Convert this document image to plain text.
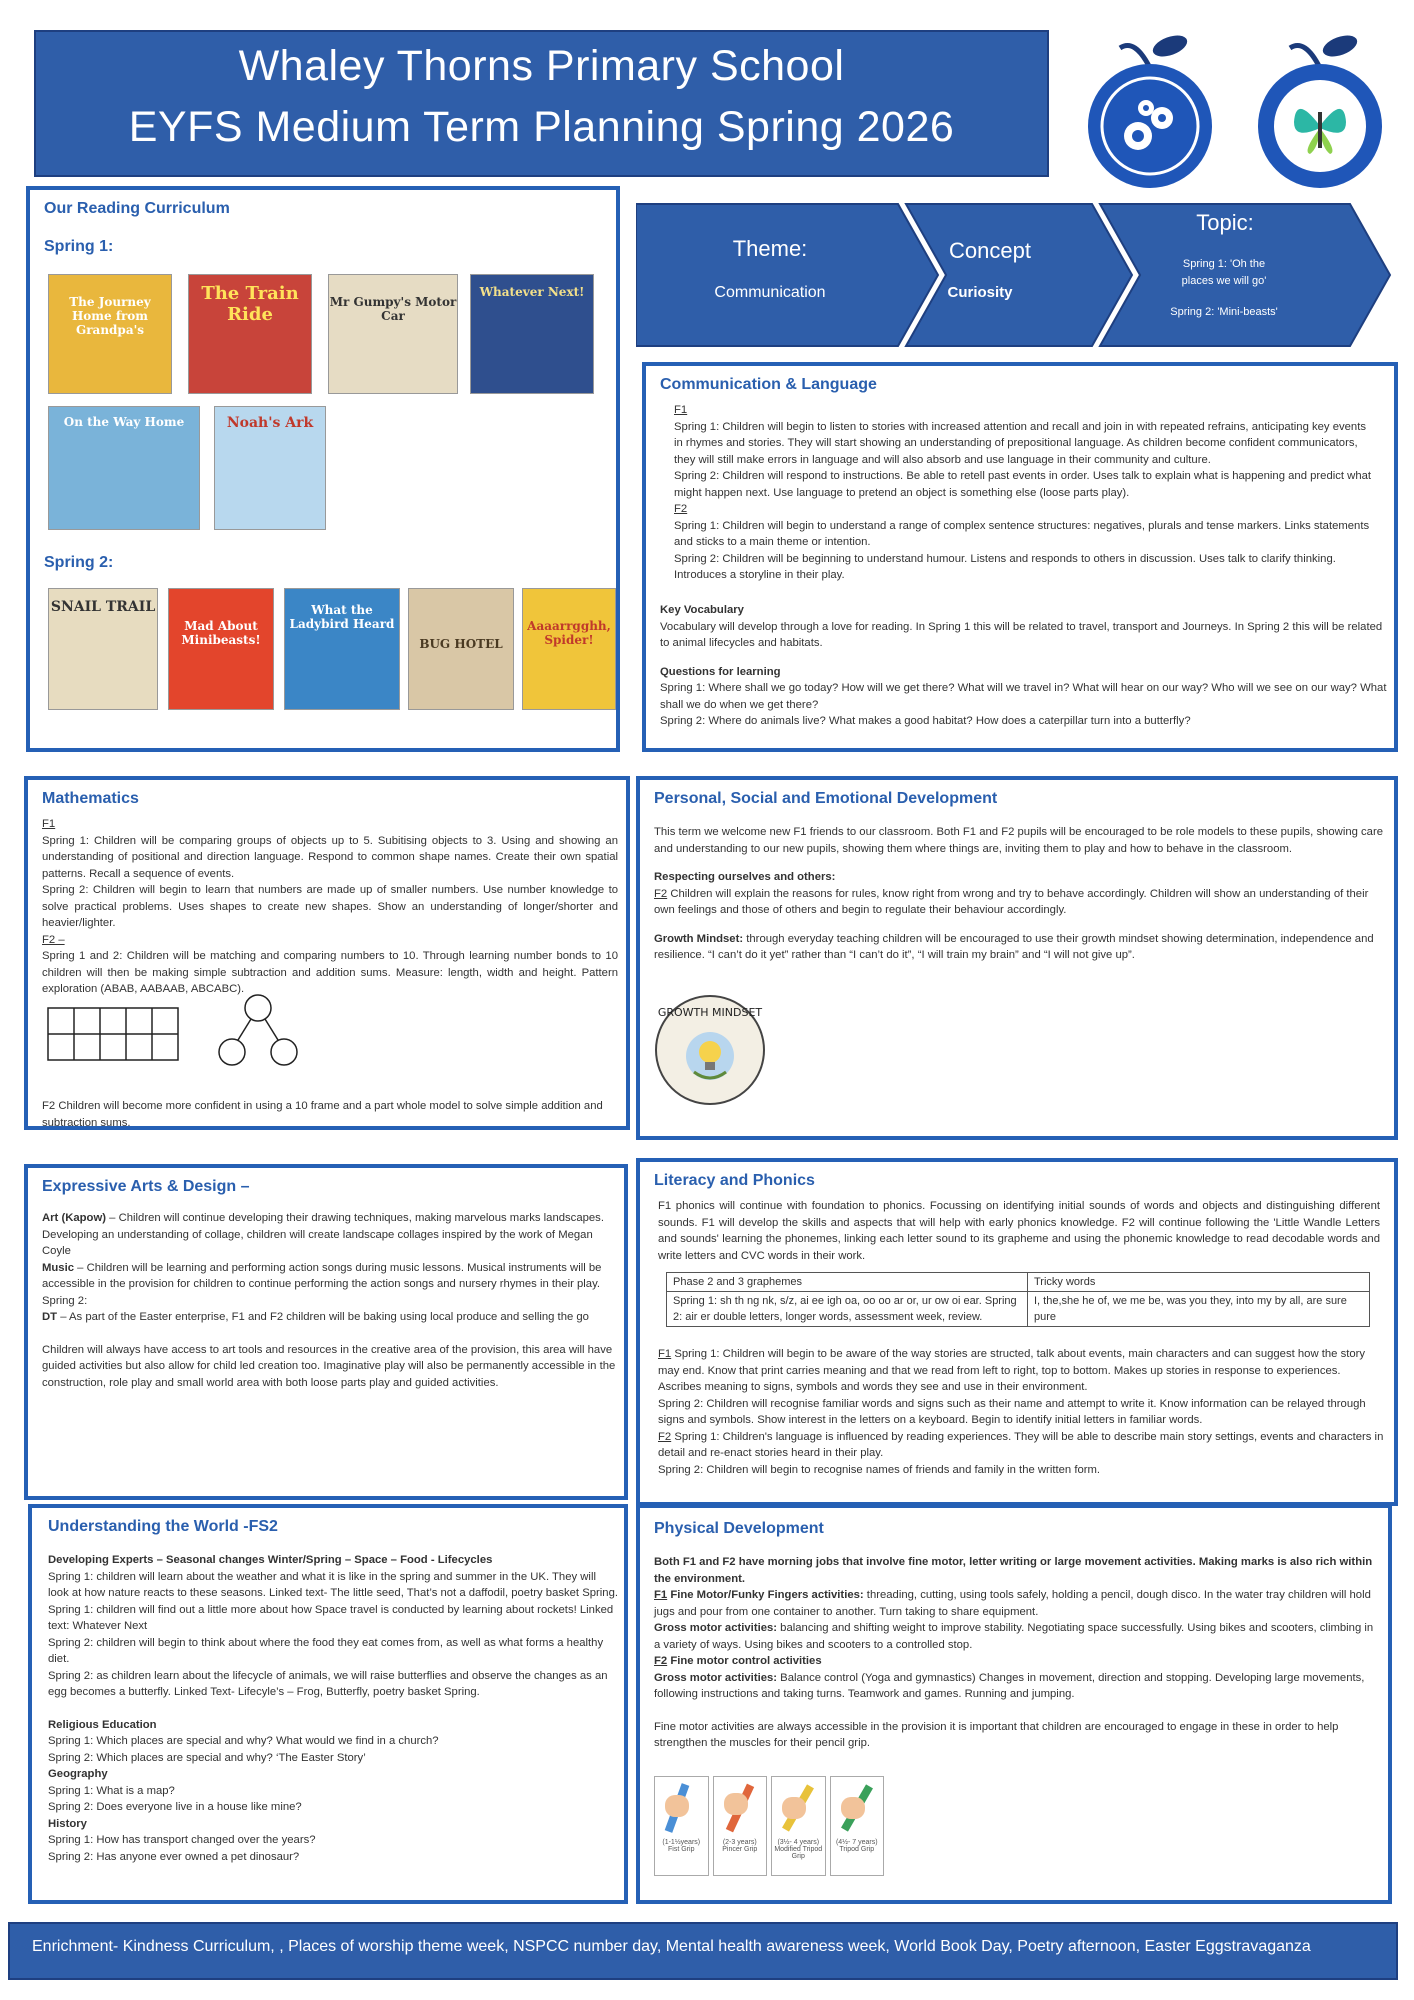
Whaley Thorns Primary School
EYFS Medium Term Planning Spring 2026
Our Reading Curriculum
Spring 1:
The Journey Home from Grandpa's
The Train Ride
Mr Gumpy's Motor Car
Whatever Next!
On the Way Home	Noah's Ark
Spring 2:
SNAIL TRAIL
Mad About Minibeasts!
What the Ladybird Heard
BUG HOTEL
Aaaarrgghh, Spider!
Theme:
Communication
Concept
Curiosity
Topic:
Spring 1: 'Oh the places we will go'
Spring 2: 'Mini-beasts'
Communication & Language

F1

Spring 1: Children will begin to listen to stories with increased attention and recall and join in with repeated refrains, anticipating key events in rhymes and stories. They will start showing an understanding of prepositional language. As children become confident communicators, they will still make errors in language and will also absorb and use language in their community and culture.

Spring 2: Children will respond to instructions. Be able to retell past events in order. Uses talk to explain what is happening and predict what might happen next. Use language to pretend an object is something else (loose parts play).

F2

Spring 1: Children will begin to understand a range of complex sentence structures: negatives, plurals and tense markers. Links statements and sticks to a main theme or intention.

Spring 2: Children will be beginning to understand humour. Listens and responds to others in discussion. Uses talk to clarify thinking. Introduces a storyline in their play.

Key Vocabulary

Vocabulary will develop through a love for reading. In Spring 1 this will be related to travel, transport and Journeys. In Spring 2 this will be related to animal lifecycles and habitats.

Questions for learning

Spring 1: Where shall we go today? How will we get there? What will we travel in? What will hear on our way? Who will we see on our way? What shall we do when we get there?

Spring 2: Where do animals live? What makes a good habitat? How does a caterpillar turn into a butterfly?

Mathematics

F1

Spring 1: Children will be comparing groups of objects up to 5. Subitising objects to 3. Using and showing an understanding of positional and direction language. Respond to common shape names. Create their own spatial patterns. Recall a sequence of events.

Spring 2: Children will begin to learn that numbers are made up of smaller numbers. Use number knowledge to solve practical problems. Uses shapes to create new shapes. Show an understanding of longer/shorter and heavier/lighter.

F2 –

Spring 1 and 2: Children will be matching and comparing numbers to 10. Through learning number bonds to 10 children will then be making simple subtraction and addition sums. Measure: length, width and height. Pattern exploration (ABAB, AABAAB, ABCABC).

F2 Children will become more confident in using a 10 frame and a part whole model to solve simple addition and subtraction sums.
Personal, Social and Emotional Development

This term we welcome new F1 friends to our classroom. Both F1 and F2 pupils will be encouraged to be role models to these pupils, showing care and understanding to our new pupils, showing them where things are, inviting them to play and how to behave in the classroom.

Respecting ourselves and others:

F2 Children will explain the reasons for rules, know right from wrong and try to behave accordingly. Children will show an understanding of their own feelings and those of others and begin to regulate their behaviour accordingly.

Growth Mindset: through everyday teaching children will be encouraged to use their growth mindset showing determination, independence and resilience. “I can’t do it yet” rather than “I can’t do it”, “I will train my brain” and “I will not give up”.

GROWTH MINDSET
Expressive Arts & Design –

Art (Kapow) – Children will continue developing their drawing techniques, making marvelous marks landscapes. Developing an understanding of collage, children will create landscape collages inspired by the work of Megan Coyle

Music – Children will be learning and performing action songs during music lessons. Musical instruments will be accessible in the provision for children to continue performing the action songs and nursery rhymes in their play.

Spring 2:

DT – As part of the Easter enterprise, F1 and F2 children will be baking using local produce and selling the go

Children will always have access to art tools and resources in the creative area of the provision, this area will have guided activities but also allow for child led creation too. Imaginative play will also be permanently accessible in the construction, role play and small world area with both loose parts play and guided activities.

Literacy and Phonics
F1 phonics will continue with foundation to phonics. Focussing on identifying initial sounds of words and objects and distinguishing different sounds. F1 will develop the skills and aspects that will help with early phonics knowledge. F2 will continue following the 'Little Wandle Letters and sounds' learning the phonemes, linking each letter sound to its grapheme and using the phonemic knowledge to read decodable words and write letters and CVC words in their work.
Phase 2 and 3 graphemes	Tricky words
Spring 1: sh th ng nk, s/z, ai ee igh oa, oo oo ar or, ur ow oi ear. Spring 2: air er double letters, longer words, assessment week, review.	I, the,she he of, we me be, was you they, into my by all, are sure pure

F1 Spring 1: Children will begin to be aware of the way stories are structed, talk about events, main characters and can suggest how the story may end. Know that print carries meaning and that we read from left to right, top to bottom. Makes up stories in response to experiences. Ascribes meaning to signs, symbols and words they see and use in their environment.

Spring 2: Children will recognise familiar words and signs such as their name and attempt to write it. Know information can be relayed through signs and symbols. Show interest in the letters on a keyboard. Begin to identify initial letters in familiar words.

F2 Spring 1: Children's language is influenced by reading experiences. They will be able to describe main story settings, events and characters in detail and re-enact stories heard in their play.

Spring 2: Children will begin to recognise names of friends and family in the written form.

Understanding the World -FS2

Developing Experts – Seasonal changes Winter/Spring – Space – Food - Lifecycles

Spring 1: children will learn about the weather and what it is like in the spring and summer in the UK. They will look at how nature reacts to these seasons. Linked text- The little seed, That’s not a daffodil, poetry basket Spring.

Spring 1: children will find out a little more about how Space travel is conducted by learning about rockets! Linked text: Whatever Next

Spring 2: children will begin to think about where the food they eat comes from, as well as what forms a healthy diet.

Spring 2: as children learn about the lifecycle of animals, we will raise butterflies and observe the changes as an egg becomes a butterfly. Linked Text- Lifecyle’s – Frog, Butterfly, poetry basket Spring.

Religious Education

Spring 1: Which places are special and why? What would we find in a church?

Spring 2: Which places are special and why? ‘The Easter Story’

Geography

Spring 1: What is a map?

Spring 2: Does everyone live in a house like mine?

History

Spring 1: How has transport changed over the years?

Spring 2: Has anyone ever owned a pet dinosaur?

Physical Development

Both F1 and F2 have morning jobs that involve fine motor, letter writing or large movement activities. Making marks is also rich within the environment.

F1 Fine Motor/Funky Fingers activities: threading, cutting, using tools safely, holding a pencil, dough disco. In the water tray children will hold jugs and pour from one container to another. Turn taking to share equipment.

Gross motor activities: balancing and shifting weight to improve stability. Negotiating space successfully. Using bikes and scooters, climbing in a variety of ways. Using bikes and scooters to a controlled stop.

F2 Fine motor control activities

Gross motor activities: Balance control (Yoga and gymnastics) Changes in movement, direction and stopping. Developing large movements, following instructions and taking turns. Teamwork and games. Running and jumping.

Fine motor activities are always accessible in the provision it is important that children are encouraged to engage in these in order to help strengthen the muscles for their pencil grip.

(1-1½years)
Fist Grip
(2-3 years)
Pincer Grip
(3½- 4 years)
Modified Tripod Grip
(4½- 7 years)
Tripod Grip
Enrichment- Kindness Curriculum, , Places of worship theme week, NSPCC number day, Mental health awareness week, World Book Day, Poetry afternoon, Easter Eggstravaganza
